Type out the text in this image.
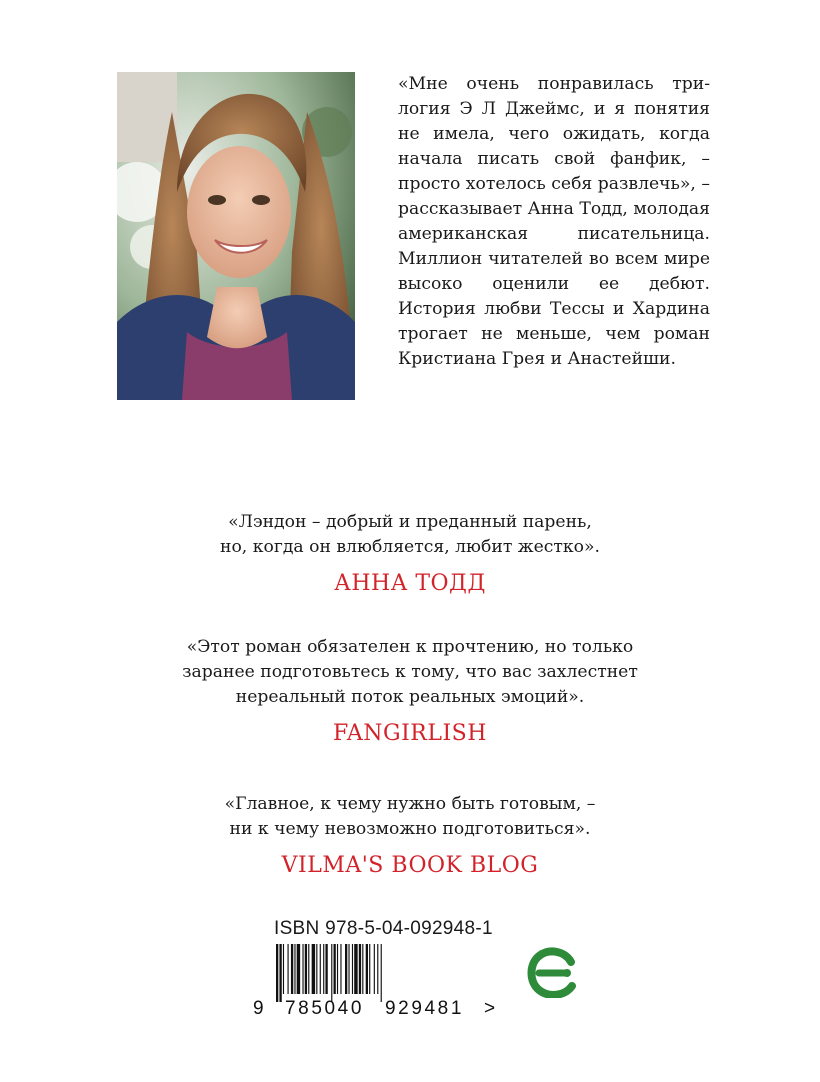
«Мне очень понравилась трилогия Э Л Джеймс, и я понятия не имела, чего ожидать, когда начала писать свой фанфик, – просто хотелось себя развлечь», – рассказывает Анна Тодд, молодая американская писательница. Миллион читателей во всем мире высоко оценили ее дебют. История любви Тессы и Хардина трогает не меньше, чем роман Кристиана Грея и Анастейши.
«Лэндон – добрый и преданный парень,
но, когда он влюбляется, любит жестко».
АННА ТОДД
«Этот роман обязателен к прочтению, но только
заранее подготовьтесь к тому, что вас захлестнет
нереальный поток реальных эмоций».
FANGIRLISH
«Главное, к чему нужно быть готовым, –
ни к чему невозможно подготовиться».
VILMA'S BOOK BLOG
ISBN 978-5-04-092948-1
9 785040 929481 >
